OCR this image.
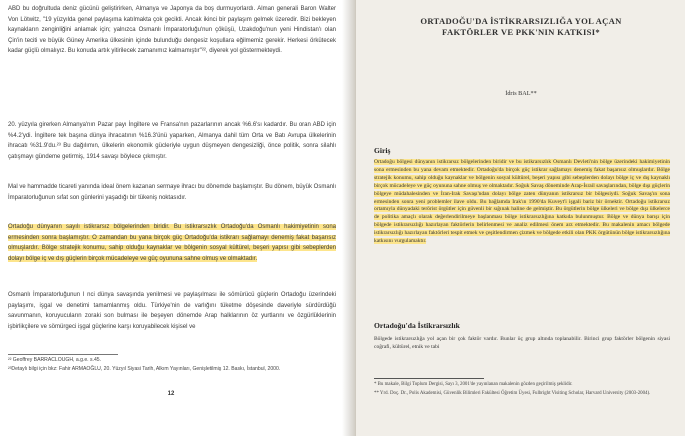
ABD bu doğrultuda deniz gücünü geliştirirken, Almanya ve Japonya da boş durmuyorlardı. Alman generali Baron Walter Von Lötwitz, "19 yüzyılda genel paylaşıma katılmakta çok gecikti. Ancak ikinci bir paylaşım gelmek üzeredir. Bizi bekleyen kaynakların zenginliğini anlamak için; yalnızca Osmanlı İmparatorluğu'nun çöküşü, Uzakdoğu'nun yeni Hindistan'ı olan Çin'in teciti ve büyük Güney Amerika ülkesinin içinde bulunduğu dengesiz koşullara eğilmemiz gerekir. Herkesi örkütecek kadar güçlü olmalıyız. Bu konuda artık yitirilecek zamanımız kalmamıştır"²², diyerek yol göstermekteydi.

20. yüzyıla girerken Almanya'nın Pazar payı İngiltere ve Fransa'nın pazarlarının ancak %6.6'sı kadardır. Bu oran ABD için %4.2'ydi. İngiltere tek başına dünya ihracatının %16.3'ünü yaparken, Almanya dahil tüm Orta ve Batı Avrupa ülkelerinin ihracatı %31.9'du.²³ Bu dağılımın, ülkelerin ekonomik gücleriyle uygun düşmeyen dengesizliği, önce politik, sonra silahlı çatışmayı gündeme getirmiş, 1914 savaşı böylece çıkmıştır.

Mal ve hammadde ticareti yanında ideal önem kazanan sermaye ihracı bu dönemde başlamıştır. Bu dönem, büyük Osmanlı İmparatorluğunun sıfat son günlerini yaşadığı bir tükeniş noktasıdır.

Ortadoğu dünyanın sayılı istikrarsız bölgelerinden biridir. Bu istikrarsızlık Ortadoğu'da Osmanlı hakimiyetinin sona ermesinden sonra başlamıştır. O zamandan bu yana birçok güç Ortadoğu'da istikrarı sağlamayı denemiş fakat başarısız olmuşlardır. Bölge stratejik konumu, sahip olduğu kaynaklar ve bölgenin sosyal kültürel, beşeri yapısı gibi sebeplerden dolayı bölge iç ve dış güçlerin birçok mücadeleye ve güç oyununa sahne olmuş ve olmaktadır.

Osmanlı İmparatorluğunun I nci dünya savaşında yenilmesi ve paylaşılması ile sömürücü güçlerin Ortadoğu üzerindeki paylaşımı, işgal ve denetimi tamamlanmış oldu. Türkiye'nin de varlığını tüketme döşesinde daveriyle sürdürdüğü savunmanın, koruyucuların zoraki son bulması ile beşeyen dönemde Arap halklarının öz yurtlarını ve özgürlüklerinin işbirlikçilere ve sömürgeci işgal güçlerine karşı koruyabilecek kişisel ve

²² Geoffrey BARRACLOUGH, a.g.e. s.45.

²³Detaylı bilgi için bkz: Fahir ARMAOĞLU, 20. Yüzyıl Siyasi Tarih, Alkım Yayınları, Genişletilmiş 12. Baskı, İstanbul, 2000.

12

ORTADOĞU'DA İSTİKRARSIZLIĞA YOL AÇAN

FAKTÖRLER VE PKK'NIN KATKISI*

İdris BAL**

Giriş

Ortadoğu bölgesi dünyanın istikrarsız bölgelerinden biridir ve bu istikrarsızlık Osmanlı Devleti'nin bölge üzerindeki hakimiyetinin sona ermesinden bu yana devam etmektedir. Ortadoğu'da birçok güç istikrar sağlamayı denemiş fakat başarısız olmuşlardır. Bölge stratejik konumu, sahip olduğu kaynaklar ve bölgenin sosyal kültürel, beşeri yapısı gibi sebeplerden dolayı bölge iç ve dış kaynaklı birçok mücadeleye ve güç oyununa sahne olmuş ve olmaktadır. Soğuk Savaş döneminde Arap-İsrail savaşlarından, bölge dışı güçlerin bölgeye müdahalesinden ve İran-Irak Savaşı'ndan dolayı bölge zaten dünyanın istikrarsız bir bölgesiydi. Soğuk Savaş'ın sona ermesinden sonra yeni problemler ilave oldu. Bu bağlamda Irak'ın 1990'da Kuveyt'i işgali bariz bir örnektir. Ortadoğu istikrarsız ortamıyla dünyadaki terörist örgütler için güvenli bir sığınak haline de gelmiştir. Bu örgütlerin bölge ülkeleri ve bölge dışı ülkelerce de politika amaçlı olarak değerlendirilmeye başlanması bölge istikrarsızlığına katkıda bulunmuştur. Bölge ve dünya barışı için bölgede istikrarsızlığı hazırlayan faktörlerin belirlenmesi ve analiz edilmesi önem arz etmektedir. Bu makalenin amacı bölgede istikrarsızlığı hazırlayan faktörleri tespit etmek ve çeşitlendirmen çizmek ve bölgede etkili olan PKK örgütünün bölge istikrarsızlığına katkısını vurgulamaktır.

Ortadoğu'da İstikrarsızlık

Bölgede istikrarsızlığa yol açan bir çok faktör vardır. Bunlar üç grup altında toplanabilir. Birinci grup faktörler bölgenin siyasi coğrafi, kültürel, etnik ve tabi

* Bu makale, Bilgi Toplum Dergisi, Sayı 3, 2001'de yayınlanan makalenin gözden geçirilmiş şeklidir.

** Yrd. Doç. Dr., Polis Akademisi, Güvenlik Bilimleri Fakültesi Öğretim Üyesi, Fulbright Visiting Scholar, Harvard University (2003-2004).
